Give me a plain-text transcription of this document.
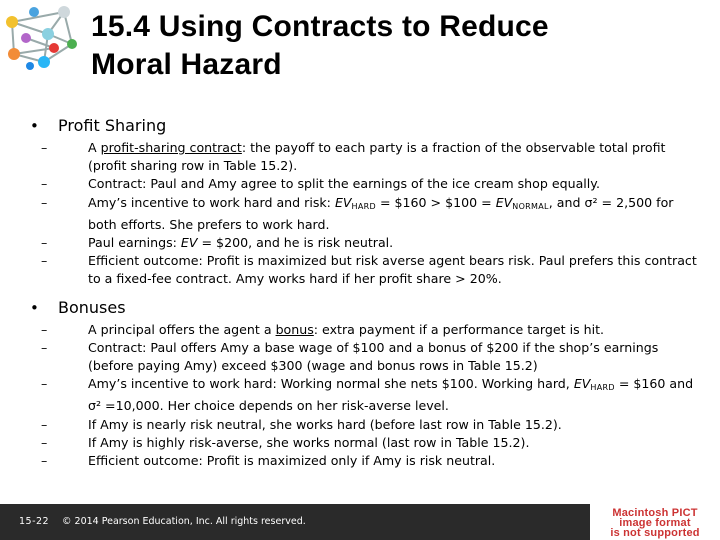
15.4 Using Contracts to Reduce
Moral Hazard
• Profit Sharing
–	A profit-sharing contract: the payoff to each party is a fraction of the observable total profit (profit sharing row in Table 15.2).
–	Contract: Paul and Amy agree to split the earnings of the ice cream shop equally.
–	Amy’s incentive to work hard and risk: $EV_{HARD}$ = $160 > $100 = $EV_{NORMAL}$, and σ² = 2,500 for both efforts. She prefers to work hard.
–	Paul earnings: EV = $200, and he is risk neutral.
–	Efficient outcome: Profit is maximized but risk averse agent bears risk. Paul prefers this contract to a fixed-fee contract. Amy works hard if her profit share > 20%.
• Bonuses
–	A principal offers the agent a bonus: extra payment if a performance target is hit.
–	Contract: Paul offers Amy a base wage of $100 and a bonus of $200 if the shop’s earnings (before paying Amy) exceed $300 (wage and bonus rows in Table 15.2)
–	Amy’s incentive to work hard: Working normal she nets $100. Working hard, $EV_{HARD}$ = $160 and σ² =10,000. Her choice depends on her risk-averse level.
–	If Amy is nearly risk neutral, she works hard (before last row in Table 15.2).
–	If Amy is highly risk-averse, she works normal (last row in Table 15.2).
–	Efficient outcome: Profit is maximized only if Amy is risk neutral.
15-22 © 2014 Pearson Education, Inc. All rights reserved.
Macintosh PICT
image format
is not supported
